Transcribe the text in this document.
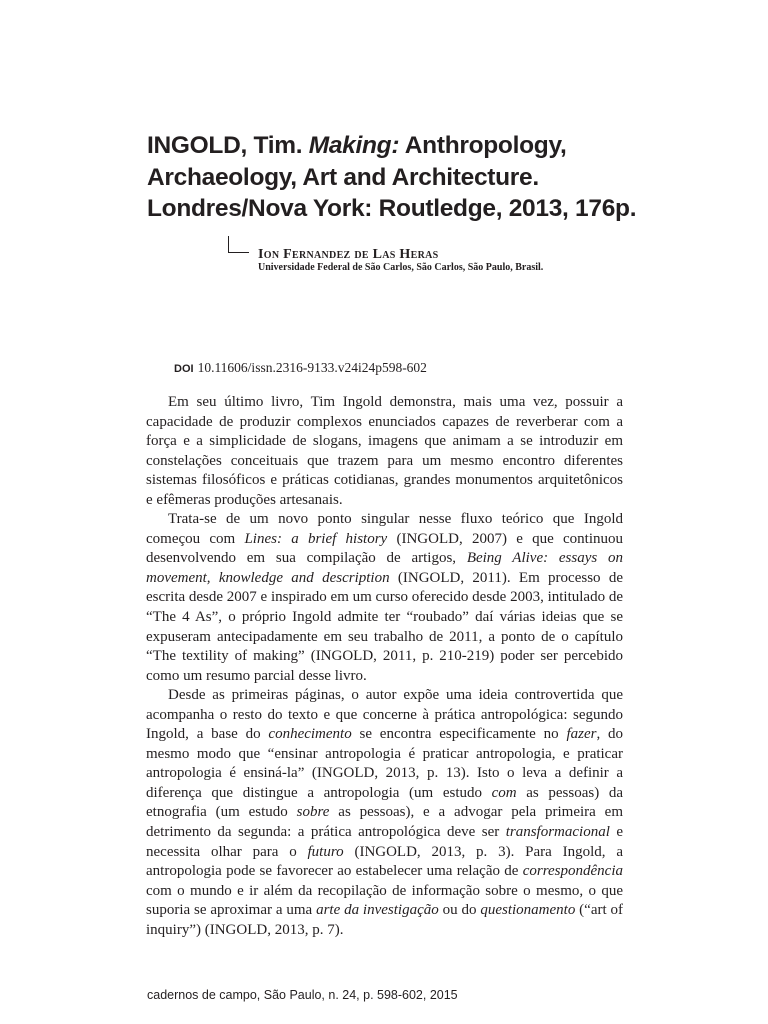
INGOLD, Tim. Making: Anthropology, Archaeology, Art and Architecture. Londres/Nova York: Routledge, 2013, 176p.
Ion Fernandez de Las Heras
Universidade Federal de São Carlos, São Carlos, São Paulo, Brasil.
DOI 10.11606/issn.2316-9133.v24i24p598-602

Em seu último livro, Tim Ingold demonstra, mais uma vez, possuir a capacidade de produzir complexos enunciados capazes de reverberar com a força e a simplicidade de slogans, imagens que animam a se introduzir em constelações conceituais que trazem para um mesmo encontro diferentes sistemas filosóficos e práticas cotidianas, grandes monumentos arquitetônicos e efêmeras produções artesanais.

Trata-se de um novo ponto singular nesse fluxo teórico que Ingold começou com Lines: a brief history (INGOLD, 2007) e que continuou desenvolvendo em sua compilação de artigos, Being Alive: essays on movement, knowledge and description (INGOLD, 2011). Em processo de escrita desde 2007 e inspirado em um curso oferecido desde 2003, intitulado de “The 4 As”, o próprio Ingold admite ter “roubado” daí várias ideias que se expuseram antecipadamente em seu trabalho de 2011, a ponto de o capítulo “The textility of making” (INGOLD, 2011, p. 210-219) poder ser percebido como um resumo parcial desse livro.

Desde as primeiras páginas, o autor expõe uma ideia controvertida que acompanha o resto do texto e que concerne à prática antropológica: segundo Ingold, a base do conhecimento se encontra especificamente no fazer, do mesmo modo que “ensinar antropologia é praticar antropologia, e praticar antropologia é ensiná-la” (INGOLD, 2013, p. 13). Isto o leva a definir a diferença que distingue a antropologia (um estudo com as pessoas) da etnografia (um estudo sobre as pessoas), e a advogar pela primeira em detrimento da segunda: a prática antropológica deve ser transformacional e necessita olhar para o futuro (INGOLD, 2013, p. 3). Para Ingold, a antropologia pode se favorecer ao estabelecer uma relação de correspondência com o mundo e ir além da recopilação de informação sobre o mesmo, o que suporia se aproximar a uma arte da investigação ou do questionamento (“art of inquiry”) (INGOLD, 2013, p. 7).

cadernos de campo, São Paulo, n. 24, p. 598-602, 2015
